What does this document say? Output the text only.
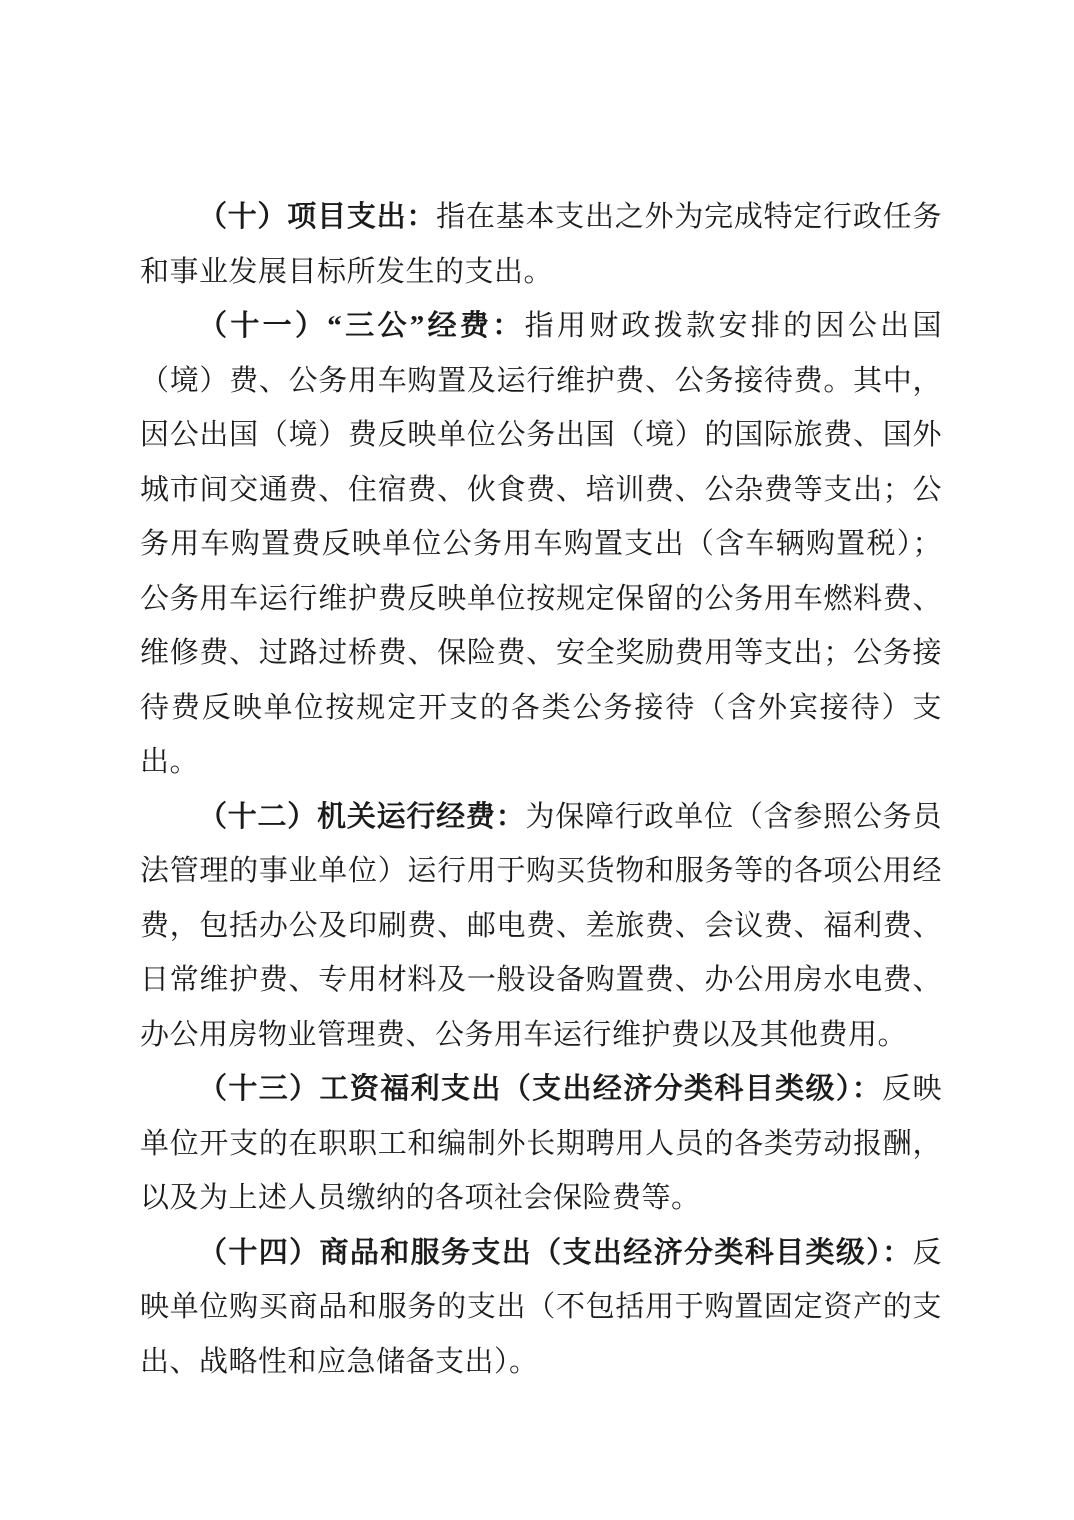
（十）项目支出：指在基本支出之外为完成特定行政任务和事业发展目标所发生的支出。

（十一）“三公”经费：指用财政拨款安排的因公出国（境）费、公务用车购置及运行维护费、公务接待费。其中，因公出国（境）费反映单位公务出国（境）的国际旅费、国外城市间交通费、住宿费、伙食费、培训费、公杂费等支出；公务用车购置费反映单位公务用车购置支出（含车辆购置税）；公务用车运行维护费反映单位按规定保留的公务用车燃料费、维修费、过路过桥费、保险费、安全奖励费用等支出；公务接待费反映单位按规定开支的各类公务接待（含外宾接待）支出。

（十二）机关运行经费：为保障行政单位（含参照公务员法管理的事业单位）运行用于购买货物和服务等的各项公用经费，包括办公及印刷费、邮电费、差旅费、会议费、福利费、日常维护费、专用材料及一般设备购置费、办公用房水电费、办公用房物业管理费、公务用车运行维护费以及其他费用。

（十三）工资福利支出（支出经济分类科目类级）：反映单位开支的在职职工和编制外长期聘用人员的各类劳动报酬，以及为上述人员缴纳的各项社会保险费等。

（十四）商品和服务支出（支出经济分类科目类级）：反映单位购买商品和服务的支出（不包括用于购置固定资产的支出、战略性和应急储备支出）。
